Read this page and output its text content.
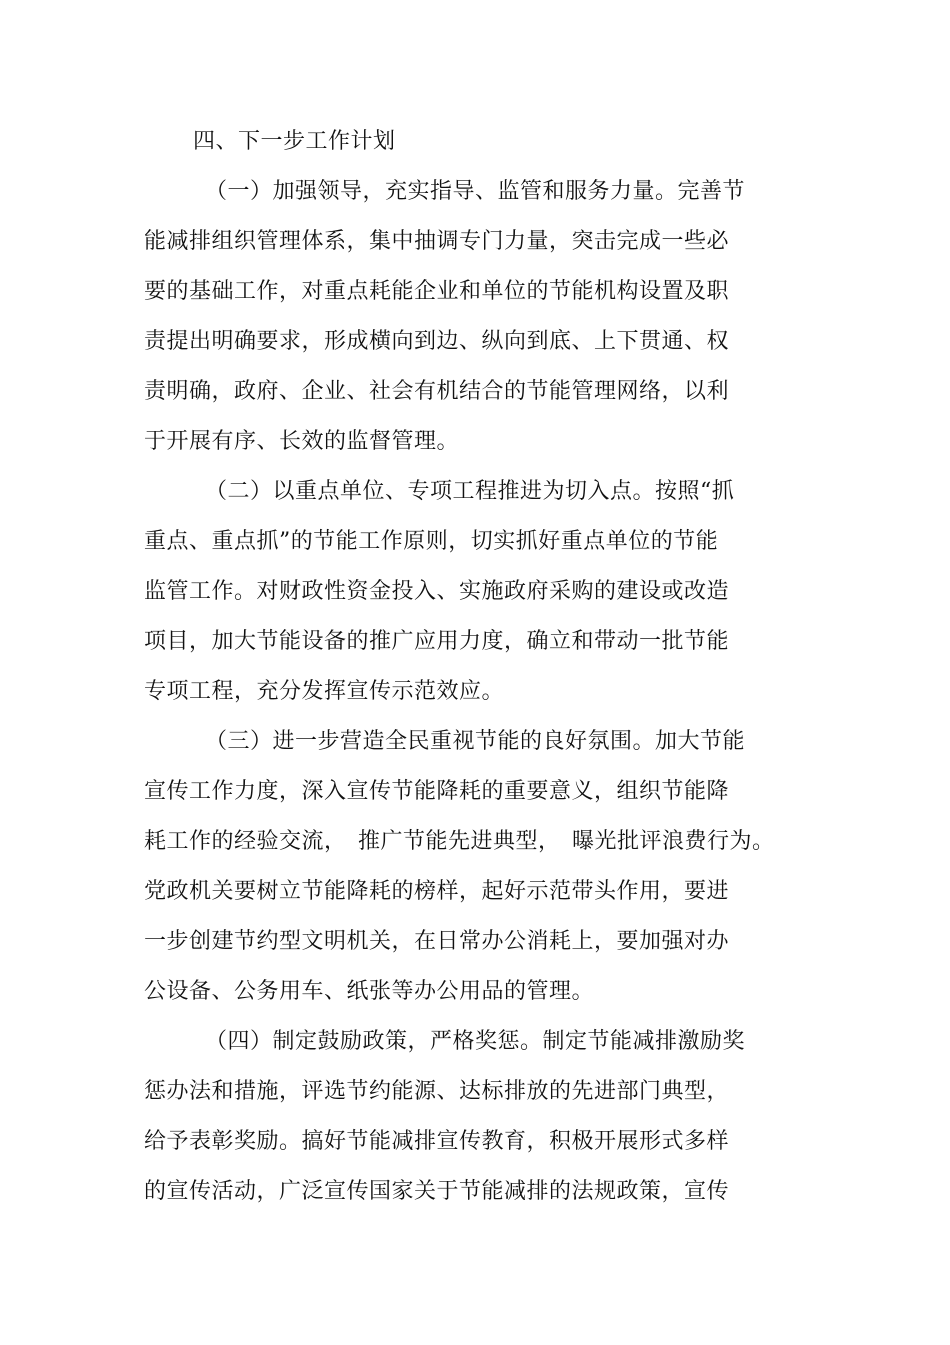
四、下一步工作计划
（一）加强领导，充实指导、监管和服务力量。完善节
能减排组织管理体系，集中抽调专门力量，突击完成一些必
要的基础工作，对重点耗能企业和单位的节能机构设置及职
责提出明确要求，形成横向到边、纵向到底、上下贯通、权
责明确，政府、企业、社会有机结合的节能管理网络，以利
于开展有序、长效的监督管理。
（二）以重点单位、专项工程推进为切入点。按照“抓
重点、重点抓”的节能工作原则，切实抓好重点单位的节能
监管工作。对财政性资金投入、实施政府采购的建设或改造
项目，加大节能设备的推广应用力度，确立和带动一批节能
专项工程，充分发挥宣传示范效应。
（三）进一步营造全民重视节能的良好氛围。加大节能
宣传工作力度，深入宣传节能降耗的重要意义，组织节能降
耗工作的经验交流，　推广节能先进典型，　曝光批评浪费行为。
党政机关要树立节能降耗的榜样，起好示范带头作用，要进
一步创建节约型文明机关，在日常办公消耗上，要加强对办
公设备、公务用车、纸张等办公用品的管理。
（四）制定鼓励政策，严格奖惩。制定节能减排激励奖
惩办法和措施，评选节约能源、达标排放的先进部门典型，
给予表彰奖励。搞好节能减排宣传教育，积极开展形式多样
的宣传活动，广泛宣传国家关于节能减排的法规政策，宣传
